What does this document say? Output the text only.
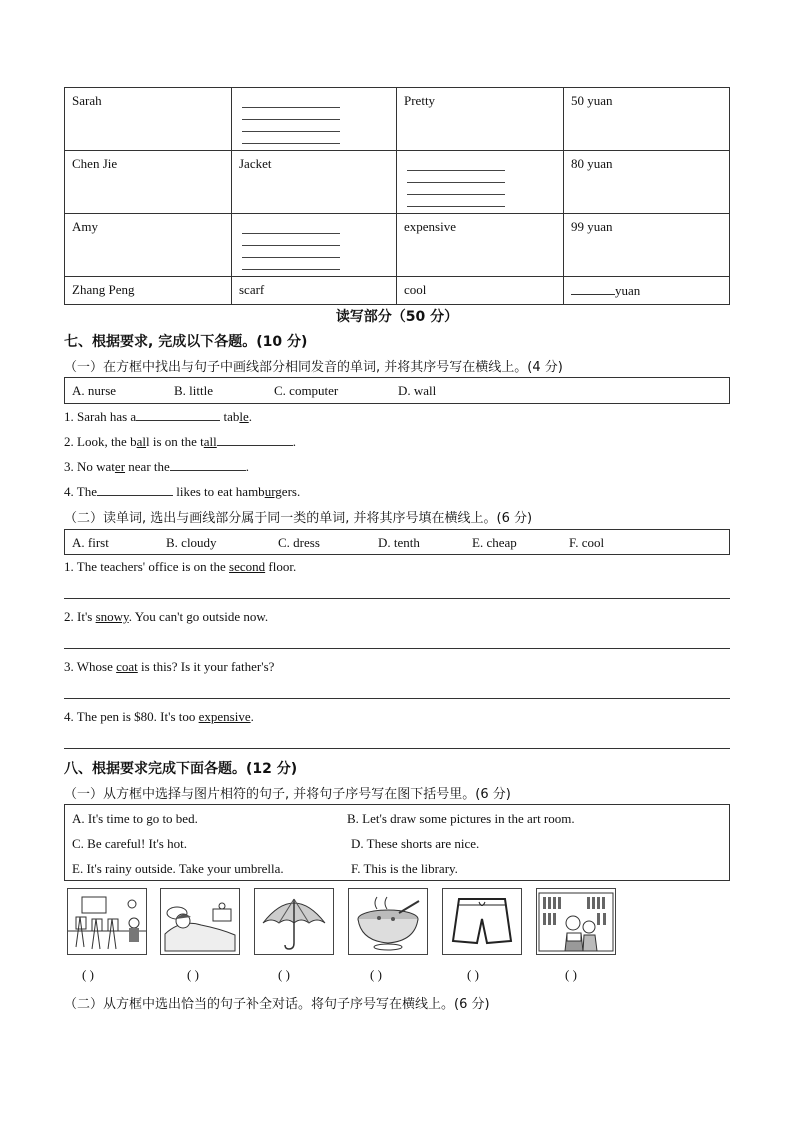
Sarah		Pretty	50 yuan
Chen Jie	Jacket		80 yuan
Amy		expensive	99 yuan
Zhang Peng	scarf	cool	yuan
读写部分（50 分）
七、根据要求, 完成以下各题。(10 分)
（一）在方框中找出与句子中画线部分相同发音的单词, 并将其序号写在横线上。(4 分)
A. nurse	B. little	C. computer	D. wall
1. Sarah has a	table.
2. Look, the ball is on the tall	.
3. No water near the	.
4. The	likes to eat hamburgers.
（二）读单词, 选出与画线部分属于同一类的单词, 并将其序号填在横线上。(6 分)
A. first	B. cloudy	C. dress	D. tenth	E. cheap	F. cool
1. The teachers' office is on the second floor.
2. It's snowy. You can't go outside now.
3. Whose coat is this? Is it your father's?
4. The pen is $80. It's too expensive.
八、根据要求完成下面各题。(12 分)
（一）从方框中选择与图片相符的句子, 并将句子序号写在图下括号里。(6 分)
A. It's time to go to bed.	B. Let's draw some pictures in the art room.
C. Be careful! It's hot.	D. These shorts are nice.
E. It's rainy outside. Take your umbrella.	F. This is the library.
( )	( )	( )	( )	( )	( )
（二）从方框中选出恰当的句子补全对话。将句子序号写在横线上。(6 分)
